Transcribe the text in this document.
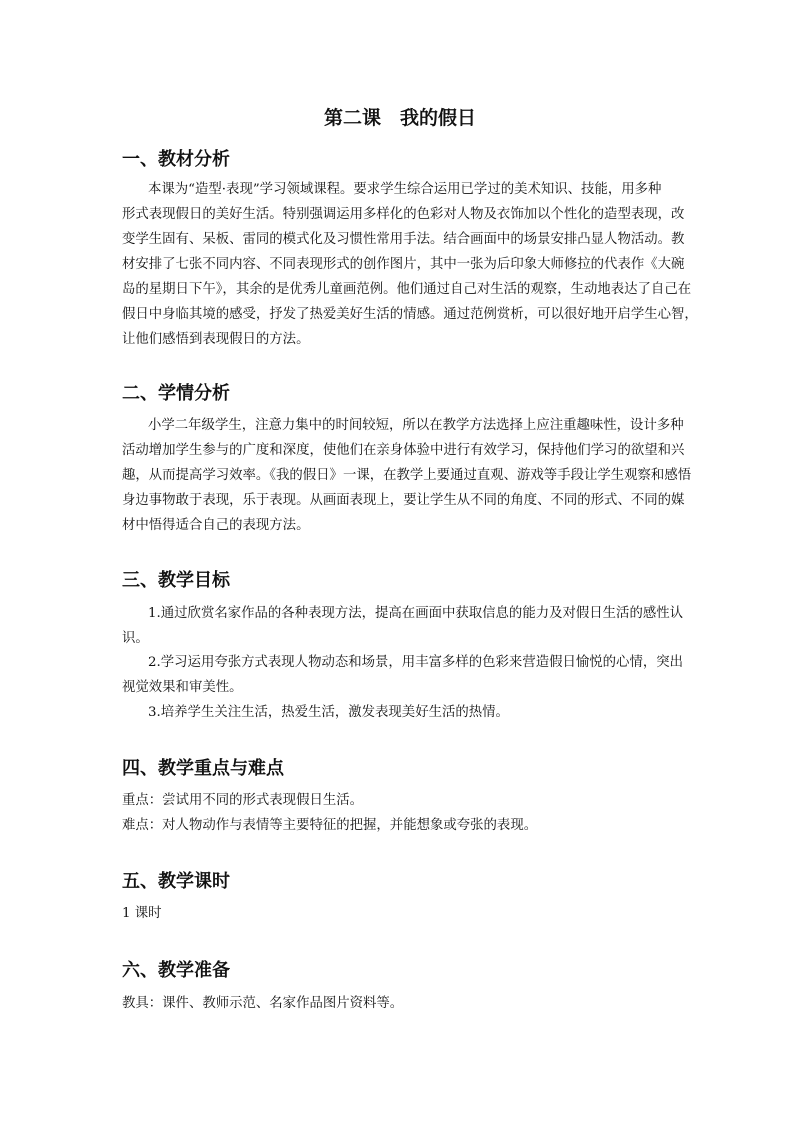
第二课　我的假日
一、教材分析
本课为“造型·表现”学习领域课程。要求学生综合运用已学过的美术知识、技能，用多种
形式表现假日的美好生活。特别强调运用多样化的色彩对人物及衣饰加以个性化的造型表现，改
变学生固有、呆板、雷同的模式化及习惯性常用手法。结合画面中的场景安排凸显人物活动。教
材安排了七张不同内容、不同表现形式的创作图片，其中一张为后印象大师修拉的代表作《大碗
岛的星期日下午》，其余的是优秀儿童画范例。他们通过自己对生活的观察，生动地表达了自己在
假日中身临其境的感受，抒发了热爱美好生活的情感。通过范例赏析，可以很好地开启学生心智，
让他们感悟到表现假日的方法。
二、学情分析
小学二年级学生，注意力集中的时间较短，所以在教学方法选择上应注重趣味性，设计多种
活动增加学生参与的广度和深度，使他们在亲身体验中进行有效学习，保持他们学习的欲望和兴
趣，从而提高学习效率。《我的假日》一课，在教学上要通过直观、游戏等手段让学生观察和感悟
身边事物敢于表现，乐于表现。从画面表现上，要让学生从不同的角度、不同的形式、不同的媒
材中悟得适合自己的表现方法。
三、教学目标
1.通过欣赏名家作品的各种表现方法，提高在画面中获取信息的能力及对假日生活的感性认
识。
2.学习运用夸张方式表现人物动态和场景，用丰富多样的色彩来营造假日愉悦的心情，突出
视觉效果和审美性。
3.培养学生关注生活，热爱生活，激发表现美好生活的热情。
四、教学重点与难点
重点：尝试用不同的形式表现假日生活。
难点：对人物动作与表情等主要特征的把握，并能想象或夸张的表现。
五、教学课时
1 课时
六、教学准备
教具：课件、教师示范、名家作品图片资料等。
